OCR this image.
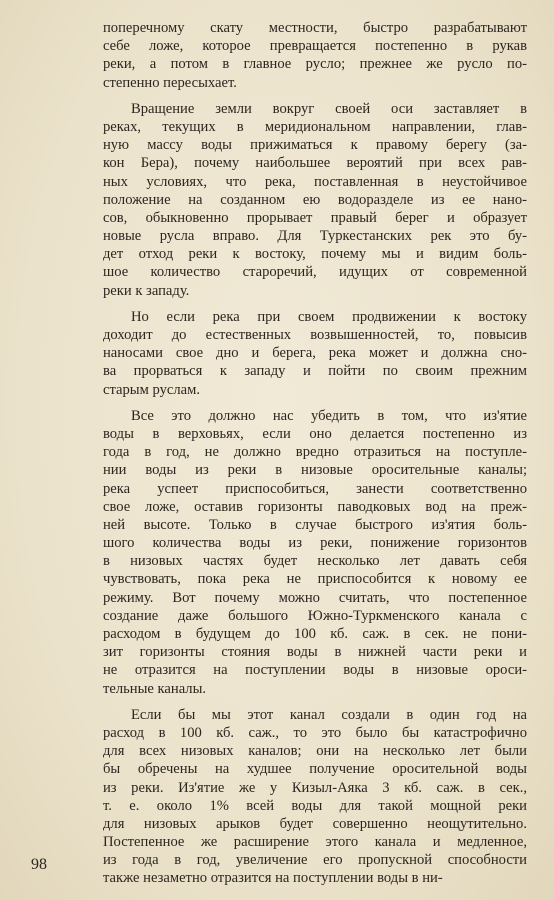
поперечному скату местности, быстро разрабатывают
себе ложе, которое превращается постепенно в рукав
реки, а потом в главное русло; прежнее же русло по-
степенно пересыхает.
Вращение земли вокруг своей оси заставляет в
реках, текущих в меридиональном направлении, глав-
ную массу воды прижиматься к правому берегу (за-
кон Бера), почему наибольшее вероятий при всех рав-
ных условиях, что река, поставленная в неустойчивое
положение на созданном ею водоразделе из ее нано-
сов, обыкновенно прорывает правый берег и образует
новые русла вправо. Для Туркестанских рек это бу-
дет отход реки к востоку, почему мы и видим боль-
шое количество староречий, идущих от современной
реки к западу.
Но если река при своем продвижении к востоку
доходит до естественных возвышенностей, то, повысив
наносами свое дно и берега, река может и должна сно-
ва прорваться к западу и пойти по своим прежним
старым руслам.
Все это должно нас убедить в том, что из'ятие
воды в верховьях, если оно делается постепенно из
года в год, не должно вредно отразиться на поступле-
нии воды из реки в низовые оросительные каналы;
река успеет приспособиться, занести соответственно
свое ложе, оставив горизонты паводковых вод на преж-
ней высоте. Только в случае быстрого из'ятия боль-
шого количества воды из реки, понижение горизонтов
в низовых частях будет несколько лет давать себя
чувствовать, пока река не приспособится к новому ее
режиму. Вот почему можно считать, что постепенное
создание даже большого Южно-Туркменского канала с
расходом в будущем до 100 кб. саж. в сек. не пони-
зит горизонты стояния воды в нижней части реки и
не отразится на поступлении воды в низовые ороси-
тельные каналы.
Если бы мы этот канал создали в один год на
расход в 100 кб. саж., то это было бы катастрофично
для всех низовых каналов; они на несколько лет были
бы обречены на худшее получение оросительной воды
из реки. Из'ятие же у Кизыл-Аяка 3 кб. саж. в сек.,
т. е. около 1% всей воды для такой мощной реки
для низовых арыков будет совершенно неощутительно.
Постепенное же расширение этого канала и медленное,
из года в год, увеличение его пропускной способности
также незаметно отразится на поступлении воды в ни-
98
